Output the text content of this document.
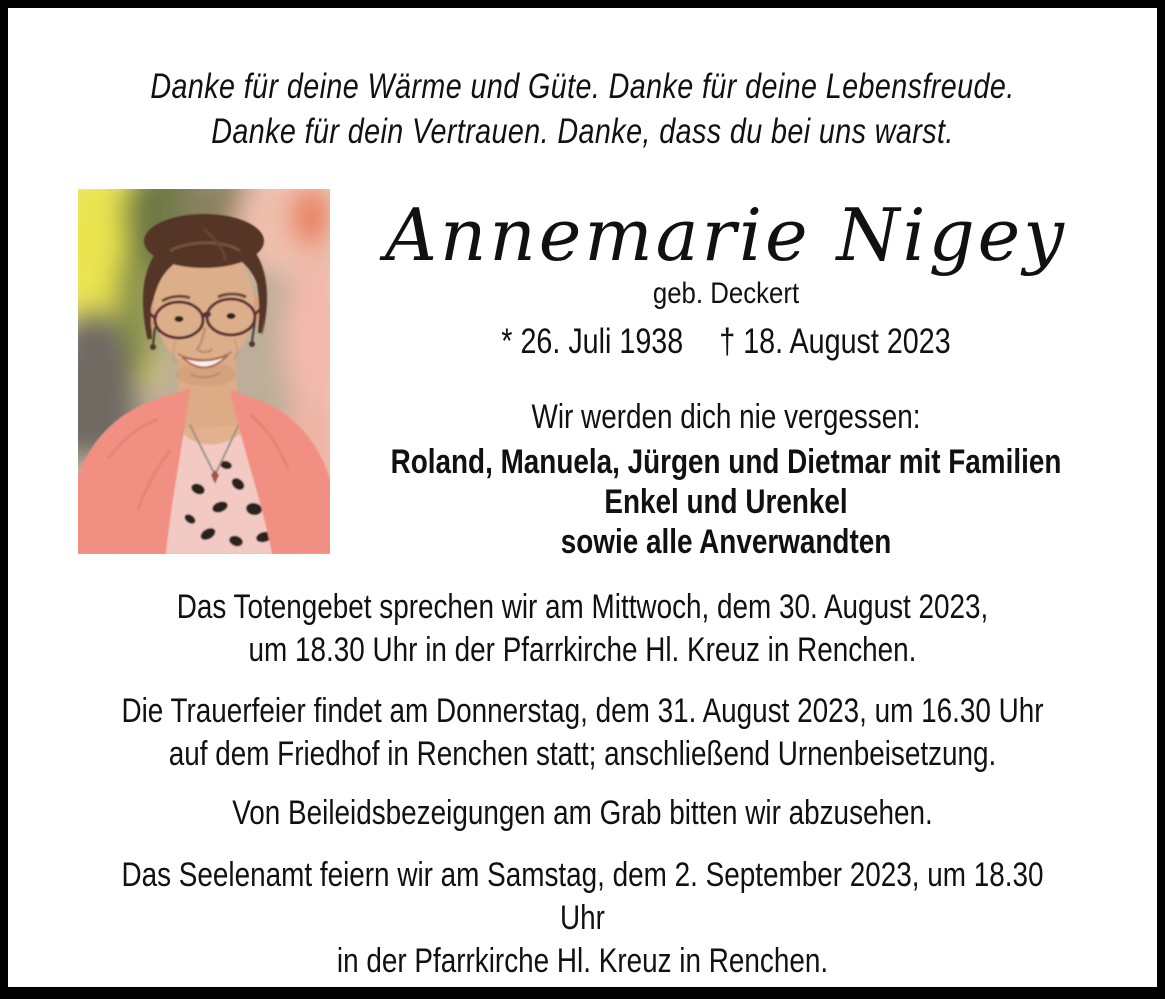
Danke für deine Wärme und Güte. Danke für deine Lebensfreude.
Danke für dein Vertrauen. Danke, dass du bei uns warst.
Annemarie Nigey
geb. Deckert
* 26. Juli 1938 † 18. August 2023
Wir werden dich nie vergessen:
Roland, Manuela, Jürgen und Dietmar mit Familien
Enkel und Urenkel
sowie alle Anverwandten
Das Totengebet sprechen wir am Mittwoch, dem 30. August 2023,
um 18.30 Uhr in der Pfarrkirche Hl. Kreuz in Renchen.
Die Trauerfeier findet am Donnerstag, dem 31. August 2023, um 16.30 Uhr
auf dem Friedhof in Renchen statt; anschließend Urnenbeisetzung.
Von Beileidsbezeigungen am Grab bitten wir abzusehen.
Das Seelenamt feiern wir am Samstag, dem 2. September 2023, um 18.30 Uhr
in der Pfarrkirche Hl. Kreuz in Renchen.
